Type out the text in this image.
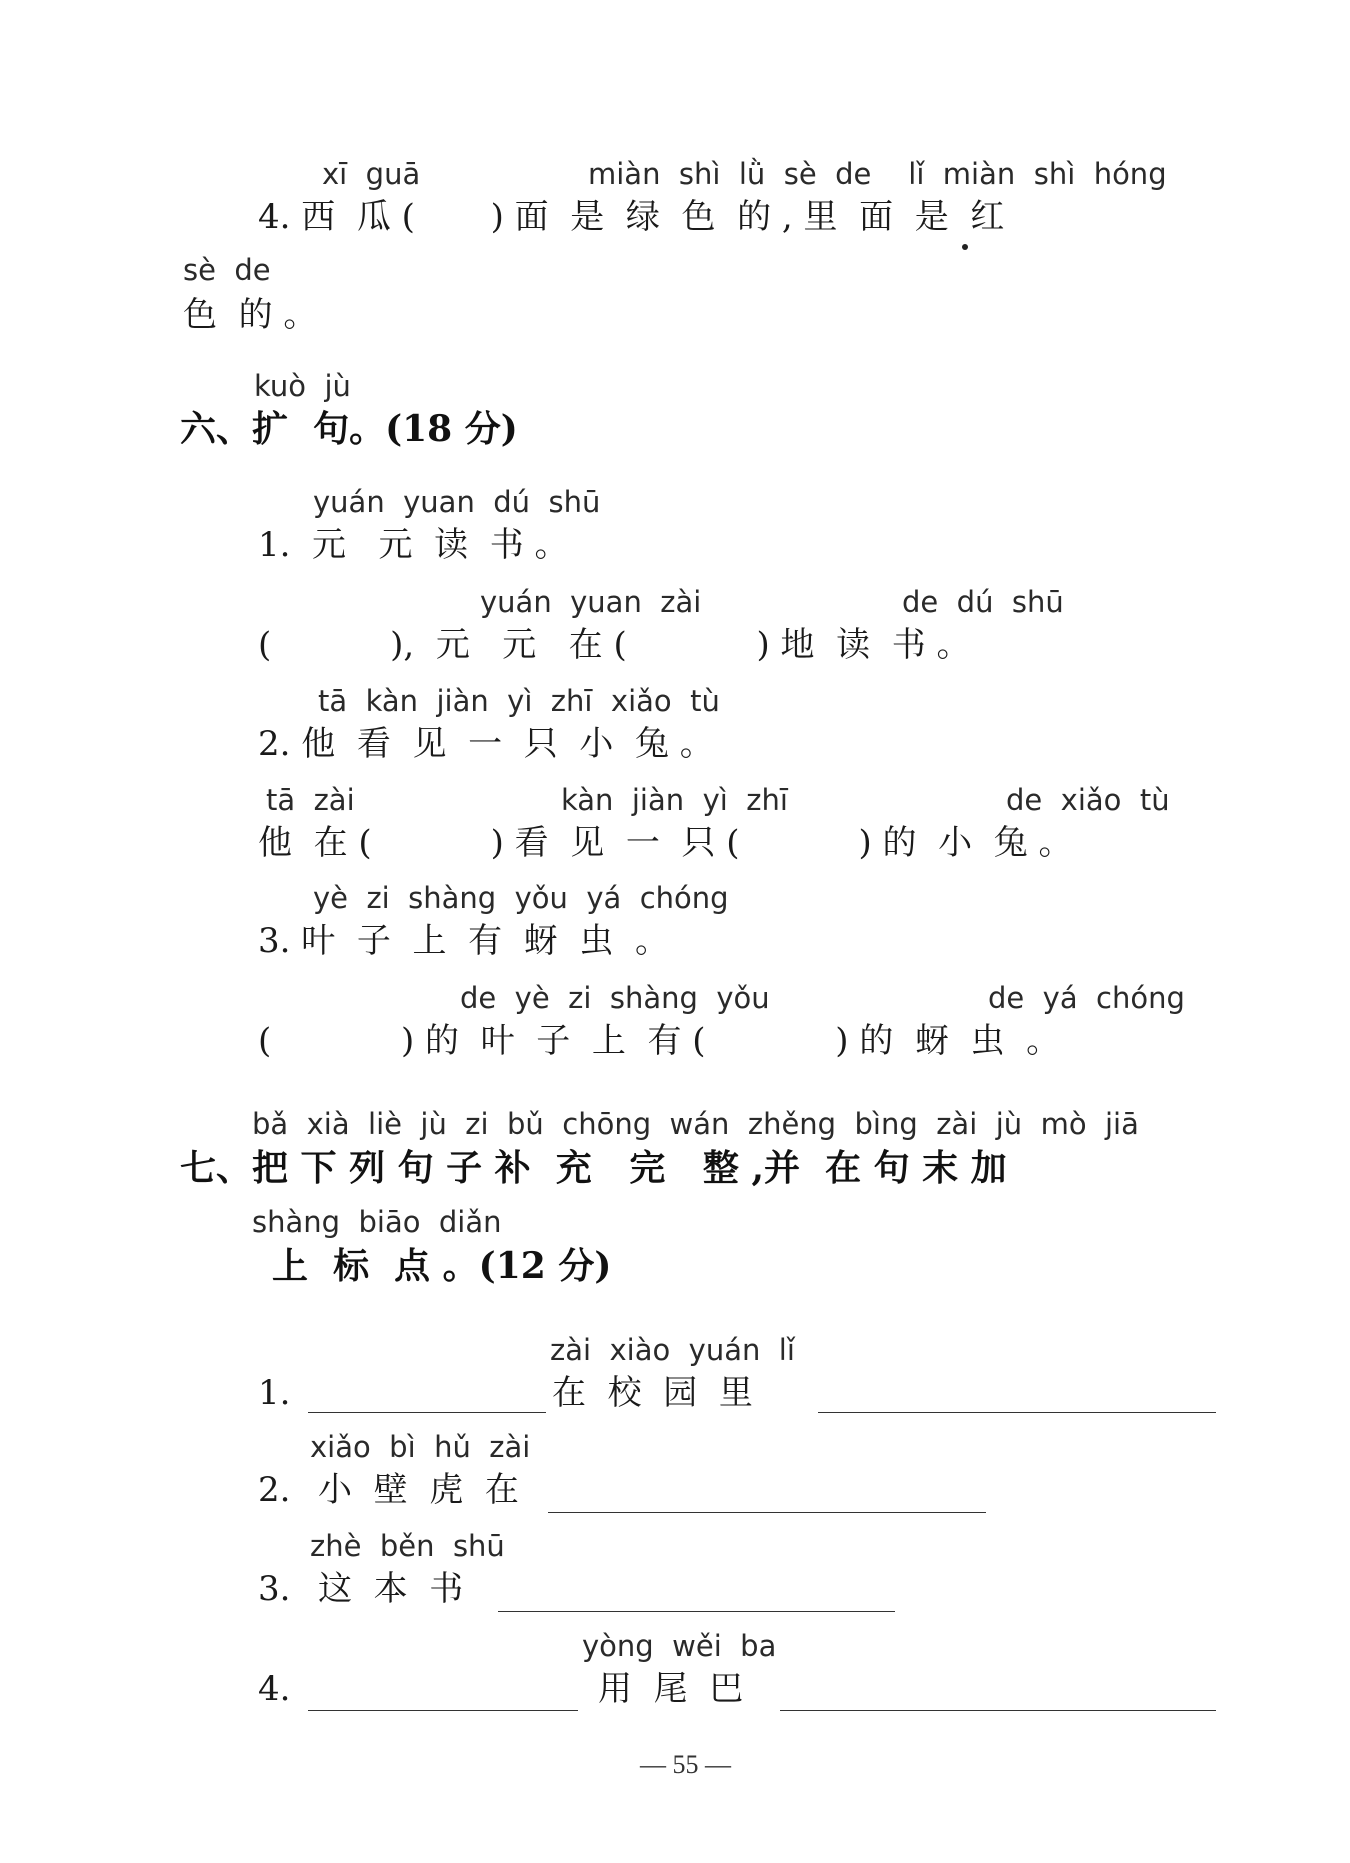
xī  guā	miàn  shì  lǜ  sè  de    lǐ  miàn  shì  hóng
4. 西  瓜 (       ) 面  是  绿  色  的 , 里  面  是  红
sè  de
色  的 。
kuò  jù
六、扩  句。(18 分)
yuán  yuan  dú  shū
1.  元   元  读  书 。
yuán  yuan  zài	de  dú  shū
(           ),  元   元   在 (            ) 地  读  书 。
tā  kàn  jiàn  yì  zhī  xiǎo  tù
2. 他  看  见  一  只  小  兔 。
tā  zài	kàn  jiàn  yì  zhī	de  xiǎo  tù
他  在 (           ) 看  见  一  只 (           ) 的  小  兔 。
yè  zi  shàng  yǒu  yá  chóng
3. 叶  子  上  有  蚜  虫  。
de  yè  zi  shàng  yǒu	de  yá  chóng
(            ) 的  叶  子  上  有 (            ) 的  蚜  虫  。
bǎ  xià  liè  jù  zi  bǔ  chōng  wán  zhěng  bìng  zài  jù  mò  jiā
七、把 下 列 句 子 补  充   完   整 ,并  在 句 末 加
shàng  biāo  diǎn
上  标  点 。(12 分)
zài  xiào  yuán  lǐ
1.	在  校  园  里
xiǎo  bì  hǔ  zài
2. 小  壁  虎  在
zhè  běn  shū
3. 这  本  书
yòng  wěi  ba
4.	用  尾  巴
— 55 —
